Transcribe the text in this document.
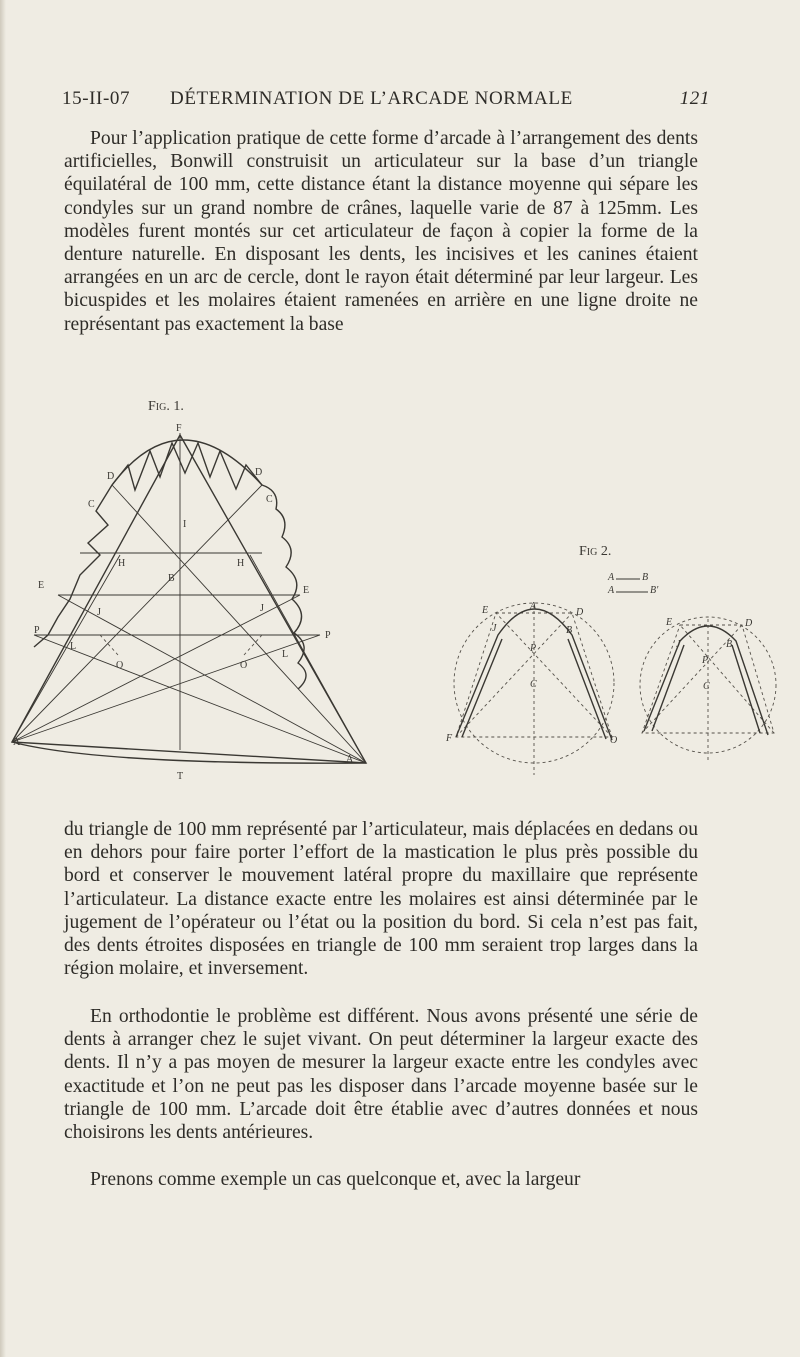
15-II-07 DÉTERMINATION DE L’ARCADE NORMALE	121

Pour l’application pratique de cette forme d’arcade à l’arrangement des dents artificielles, Bonwill construisit un articulateur sur la base d’un triangle équilatéral de 100 mm, cette distance étant la distance moyenne qui sépare les condyles sur un grand nombre de crânes, laquelle varie de 87 à 125mm. Les modèles furent montés sur cet articulateur de façon à copier la forme de la denture naturelle. En disposant les dents, les incisives et les canines étaient arrangées en un arc de cercle, dont le rayon était déterminé par leur largeur. Les bicuspides et les molaires étaient ramenées en arrière en une ligne droite ne représentant pas exactement la base

Fig. 1.
F
D	D
C	C
I
H	H
B
E	E
J	J
P	P
L
L
O	O
A
A
T
Fig 2.
A	B
A	B'
E	A
D
J	B
P
C
F	O
E	D
J	B
P
C

du triangle de 100 mm représenté par l’articulateur, mais déplacées en dedans ou en dehors pour faire porter l’effort de la mastication le plus près possible du bord et conserver le mouvement latéral propre du maxillaire que représente l’articulateur. La distance exacte entre les molaires est ainsi déterminée par le jugement de l’opérateur ou l’état ou la position du bord. Si cela n’est pas fait, des dents étroites disposées en triangle de 100 mm seraient trop larges dans la région molaire, et inversement.

En orthodontie le problème est différent. Nous avons présenté une série de dents à arranger chez le sujet vivant. On peut déterminer la largeur exacte des dents. Il n’y a pas moyen de mesurer la largeur exacte entre les condyles avec exactitude et l’on ne peut pas les disposer dans l’arcade moyenne basée sur le triangle de 100 mm. L’arcade doit être établie avec d’autres données et nous choisirons les dents antérieures.

Prenons comme exemple un cas quelconque et, avec la largeur
